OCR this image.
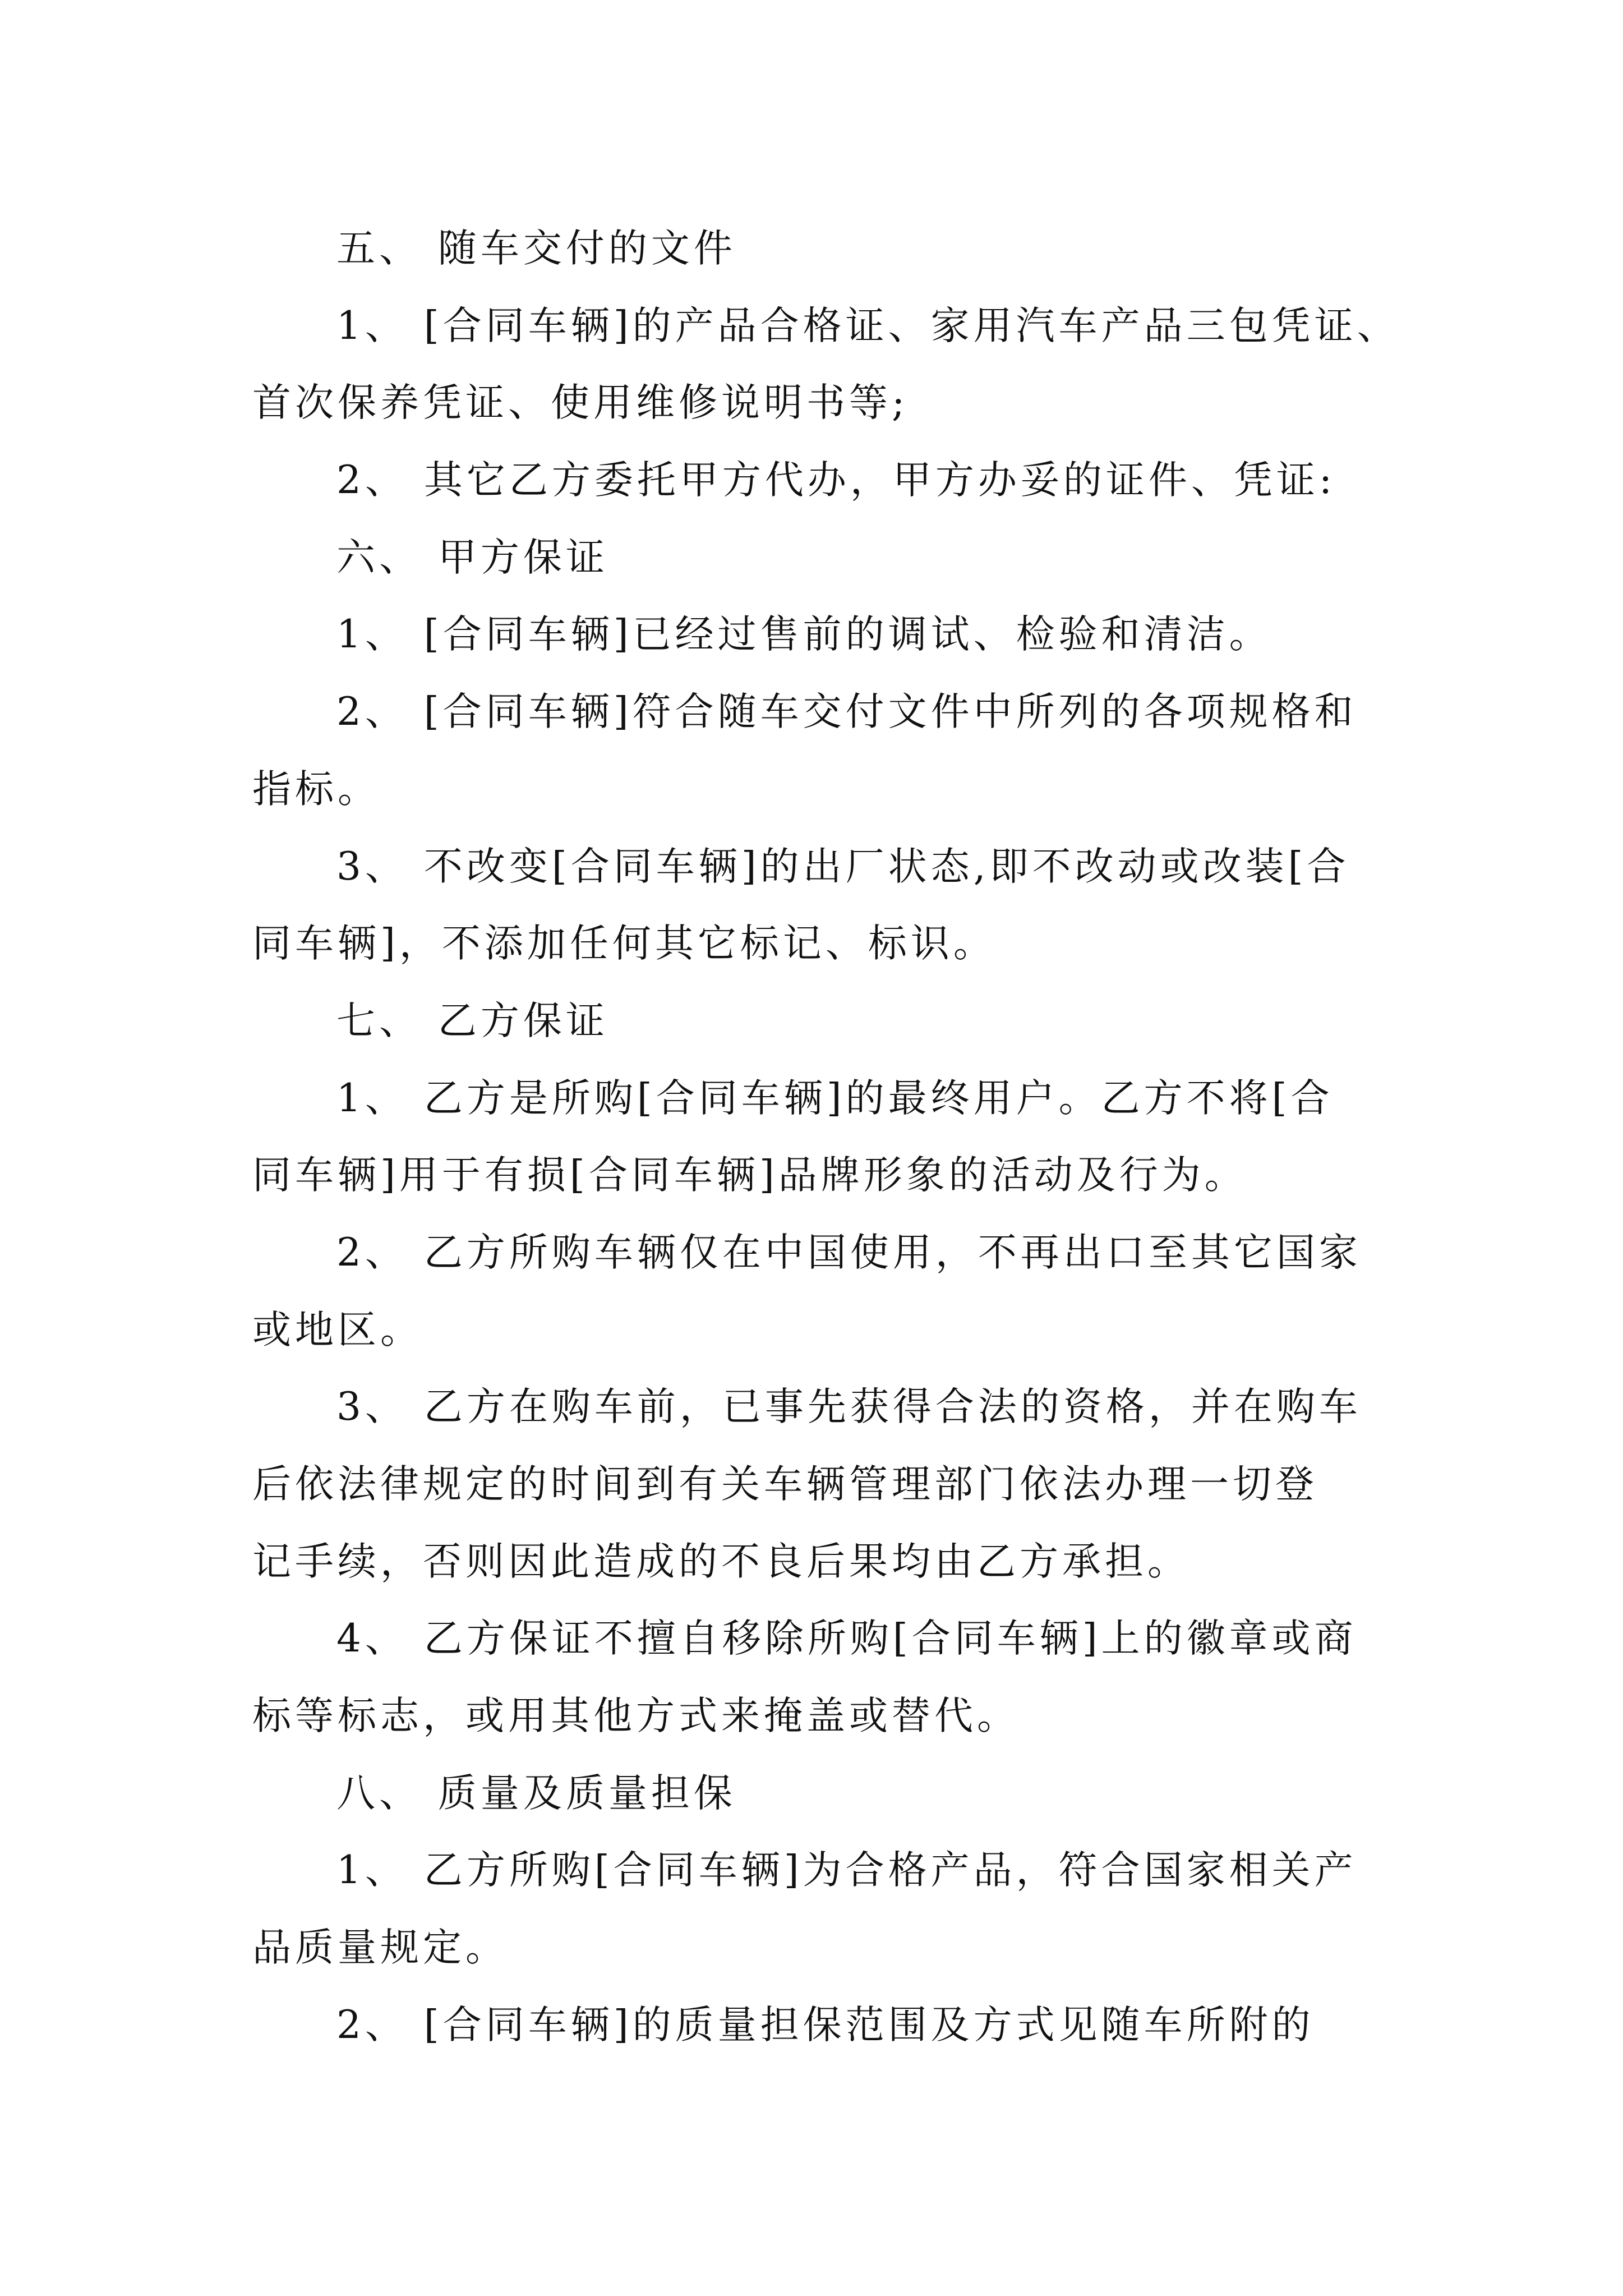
五、 随车交付的文件
1、 [合同车辆]的产品合格证、家用汽车产品三包凭证、
首次保养凭证、使用维修说明书等;
2、 其它乙方委托甲方代办，甲方办妥的证件、凭证:
六、 甲方保证
1、 [合同车辆]已经过售前的调试、检验和清洁。
2、 [合同车辆]符合随车交付文件中所列的各项规格和
指标。
3、 不改变[合同车辆]的出厂状态,即不改动或改装[合
同车辆]，不添加任何其它标记、标识。
七、 乙方保证
1、 乙方是所购[合同车辆]的最终用户。乙方不将[合
同车辆]用于有损[合同车辆]品牌形象的活动及行为。
2、 乙方所购车辆仅在中国使用，不再出口至其它国家
或地区。
3、 乙方在购车前，已事先获得合法的资格，并在购车
后依法律规定的时间到有关车辆管理部门依法办理一切登
记手续，否则因此造成的不良后果均由乙方承担。
4、 乙方保证不擅自移除所购[合同车辆]上的徽章或商
标等标志，或用其他方式来掩盖或替代。
八、 质量及质量担保
1、 乙方所购[合同车辆]为合格产品，符合国家相关产
品质量规定。
2、 [合同车辆]的质量担保范围及方式见随车所附的
